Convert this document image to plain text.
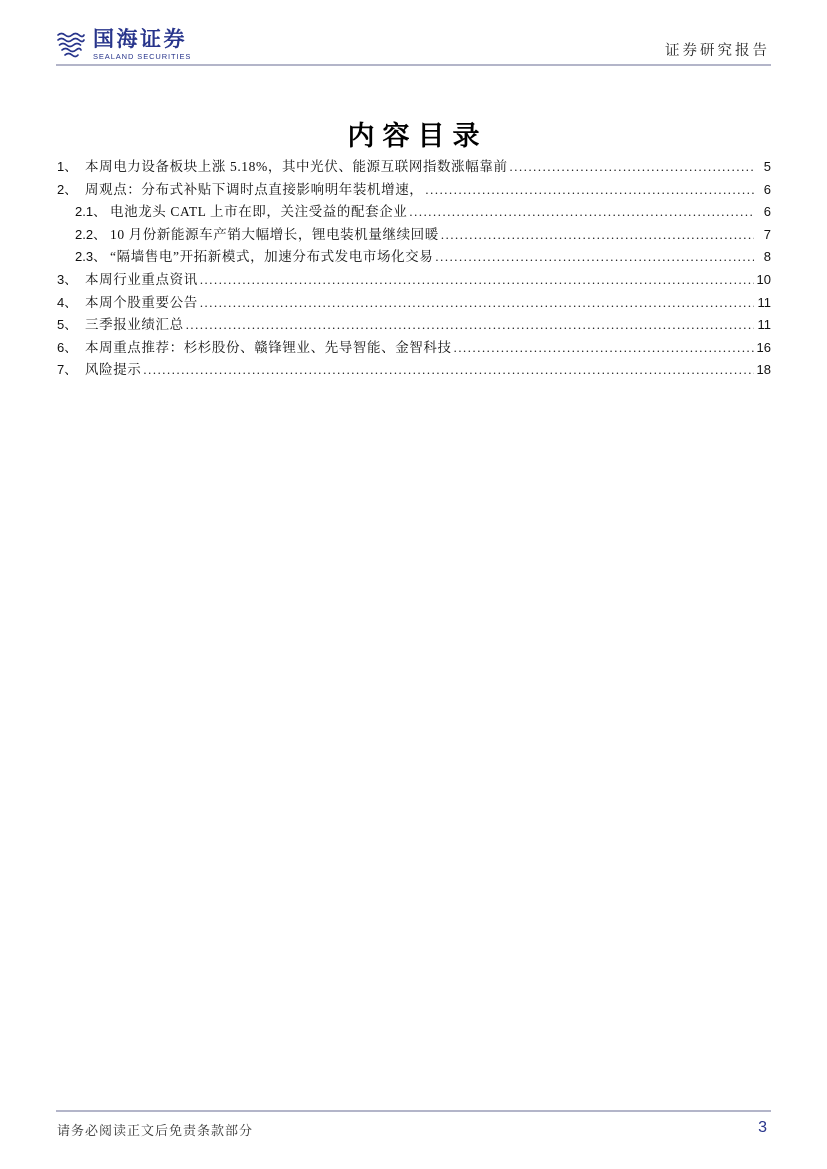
国海证券
SEALAND SECURITIES	证券研究报告
内容目录
1、 本周电力设备板块上涨 5.18%，其中光伏、能源互联网指数涨幅靠前 .....	5
2、 周观点：分布式补贴下调时点直接影响明年装机增速， .....	6
2.1、 电池龙头 CATL 上市在即，关注受益的配套企业 .....	6
2.2、 10 月份新能源车产销大幅增长，锂电装机量继续回暖 .....	7
2.3、 “隔墙售电”开拓新模式，加速分布式发电市场化交易 .....	8
3、 本周行业重点资讯 .....	10
4、 本周个股重要公告 .....	11
5、 三季报业绩汇总 .....	11
6、 本周重点推荐：杉杉股份、赣锋锂业、先导智能、金智科技 .....	16
7、 风险提示 .....	18
请务必阅读正文后免责条款部分	3
